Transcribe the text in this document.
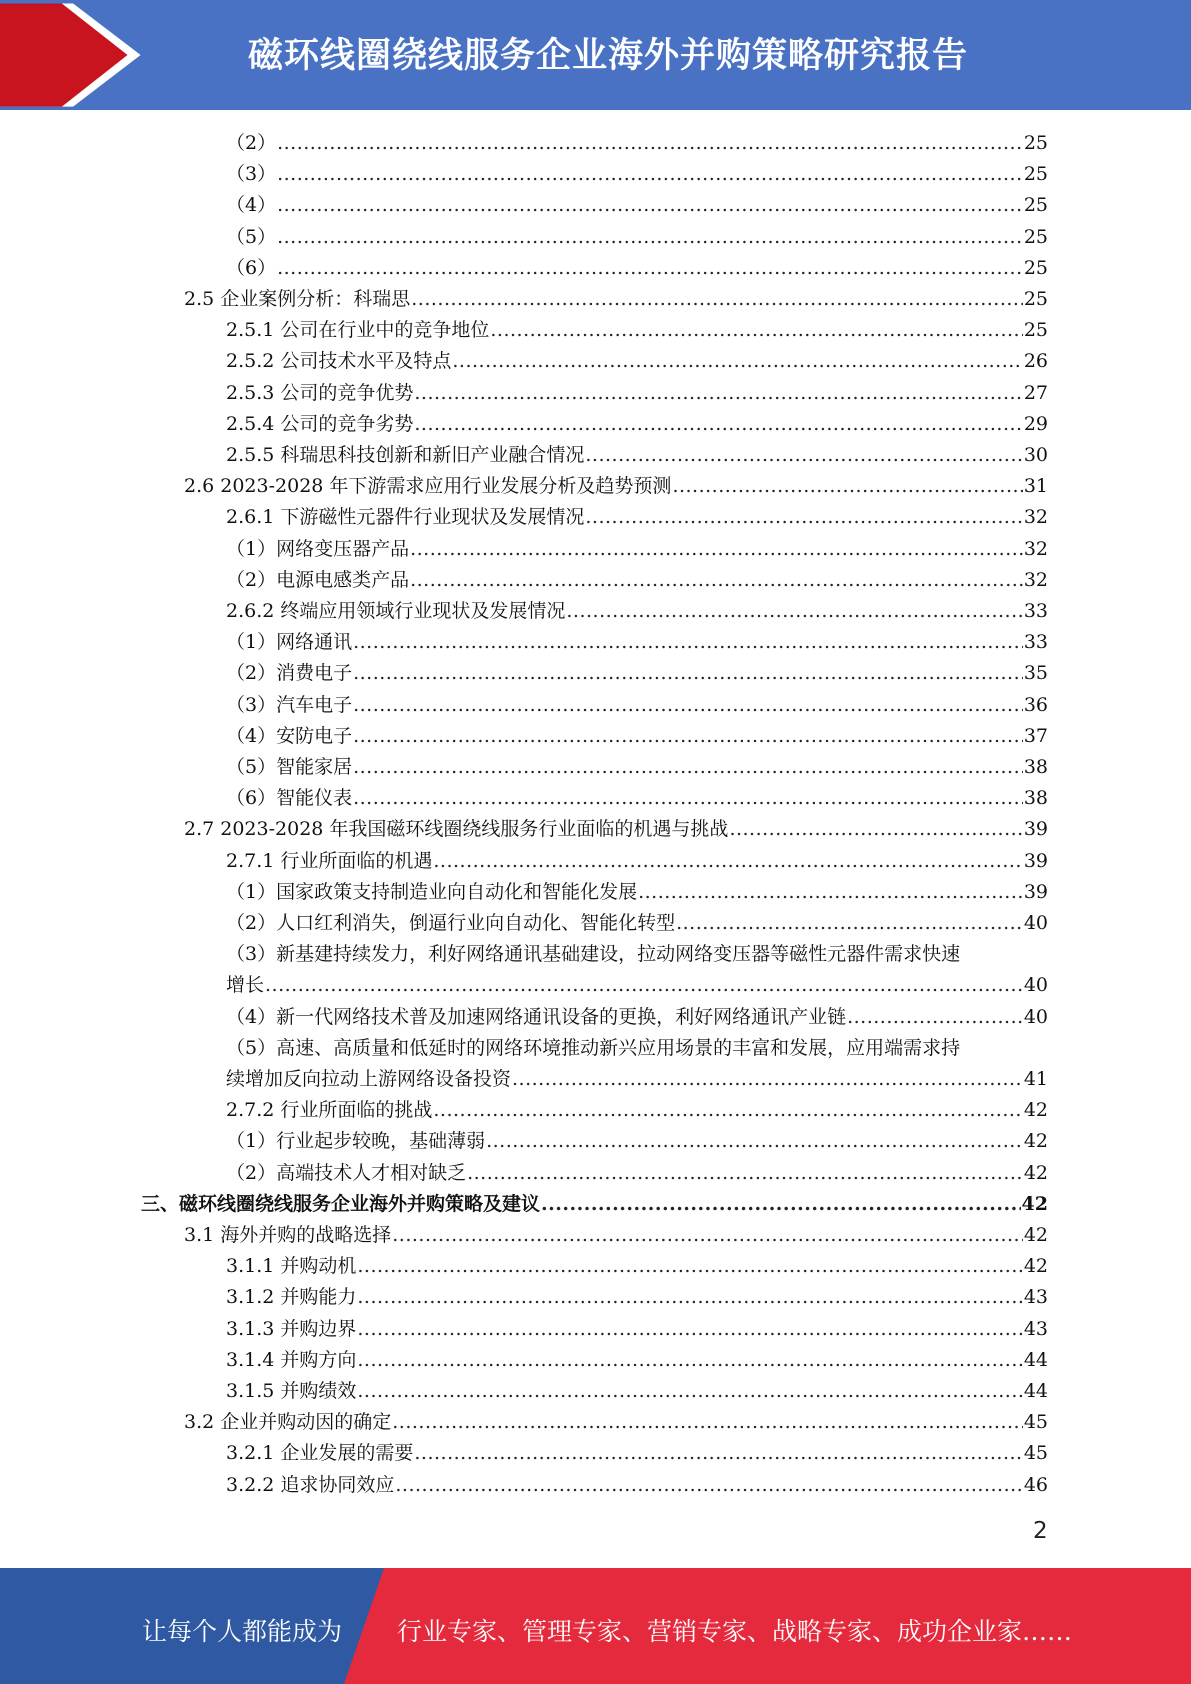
磁环线圈绕线服务企业海外并购策略研究报告
（2） .....	25
（3） .....	25
（4） .....	25
（5） .....	25
（6） .....	25
2.5 企业案例分析：科瑞思 .....	25
2.5.1 公司在行业中的竞争地位 .....	25
2.5.2 公司技术水平及特点 .....	26
2.5.3 公司的竞争优势 .....	27
2.5.4 公司的竞争劣势 .....	29
2.5.5 科瑞思科技创新和新旧产业融合情况 .....	30
2.6 2023-2028 年下游需求应用行业发展分析及趋势预测 .....	31
2.6.1 下游磁性元器件行业现状及发展情况 .....	32
（1）网络变压器产品 .....	32
（2）电源电感类产品 .....	32
2.6.2 终端应用领域行业现状及发展情况 .....	33
（1）网络通讯 .....	33
（2）消费电子 .....	35
（3）汽车电子 .....	36
（4）安防电子 .....	37
（5）智能家居 .....	38
（6）智能仪表 .....	38
2.7 2023-2028 年我国磁环线圈绕线服务行业面临的机遇与挑战 .....	39
2.7.1 行业所面临的机遇 .....	39
（1）国家政策支持制造业向自动化和智能化发展 .....	39
（2）人口红利消失，倒逼行业向自动化、智能化转型 .....	40
（3）新基建持续发力，利好网络通讯基础建设，拉动网络变压器等磁性元器件需求快速
增长 .....	40
（4）新一代网络技术普及加速网络通讯设备的更换，利好网络通讯产业链 .....	40
（5）高速、高质量和低延时的网络环境推动新兴应用场景的丰富和发展，应用端需求持
续增加反向拉动上游网络设备投资 .....	41
2.7.2 行业所面临的挑战 .....	42
（1）行业起步较晚，基础薄弱 .....	42
（2）高端技术人才相对缺乏 .....	42
三、磁环线圈绕线服务企业海外并购策略及建议 .....	42
3.1 海外并购的战略选择 .....	42
3.1.1 并购动机 .....	42
3.1.2 并购能力 .....	43
3.1.3 并购边界 .....	43
3.1.4 并购方向 .....	44
3.1.5 并购绩效 .....	44
3.2 企业并购动因的确定 .....	45
3.2.1 企业发展的需要 .....	45
3.2.2 追求协同效应 .....	46
2
让每个人都能成为 行业专家、管理专家、营销专家、战略专家、成功企业家……
